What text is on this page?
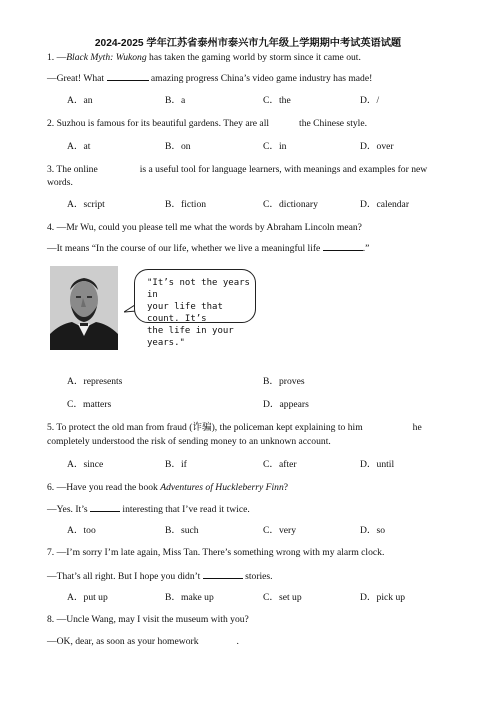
2024-2025 学年江苏省泰州市泰兴市九年级上学期期中考试英语试题
1. —Black Myth: Wukong has taken the gaming world by storm since it came out.
—Great! What	amazing progress China’s video game industry has made!
A．an	B．a	C．the	D．/
2. Suzhou is famous for its beautiful gardens. They are all	the Chinese style.
A．at	B．on	C．in	D．over
3. The online	is a useful tool for language learners, with meanings and examples for new
words.
A．script	B．fiction	C．dictionary	D．calendar
4. —Mr Wu, could you please tell me what the words by Abraham Lincoln mean?
—It means “In the course of our life, whether we live a meaningful life	.”
"It’s not the years in
your life that count. It’s
the life in your years."
A．represents	B．proves
C．matters	D．appears
5. To protect the old man from fraud (诈骗), the policeman kept explaining to him	he
completely understood the risk of sending money to an unknown account.
A．since	B．if	C．after	D．until
6. —Have you read the book Adventures of Huckleberry Finn?
—Yes. It’s	interesting that I’ve read it twice.
A．too	B．such	C．very	D．so
7. —I’m sorry I’m late again, Miss Tan. There’s something wrong with my alarm clock.
—That’s all right. But I hope you didn’t	stories.
A．put up	B．make up	C．set up	D．pick up
8. —Uncle Wang, may I visit the museum with you?
—OK, dear, as soon as your homework	.
